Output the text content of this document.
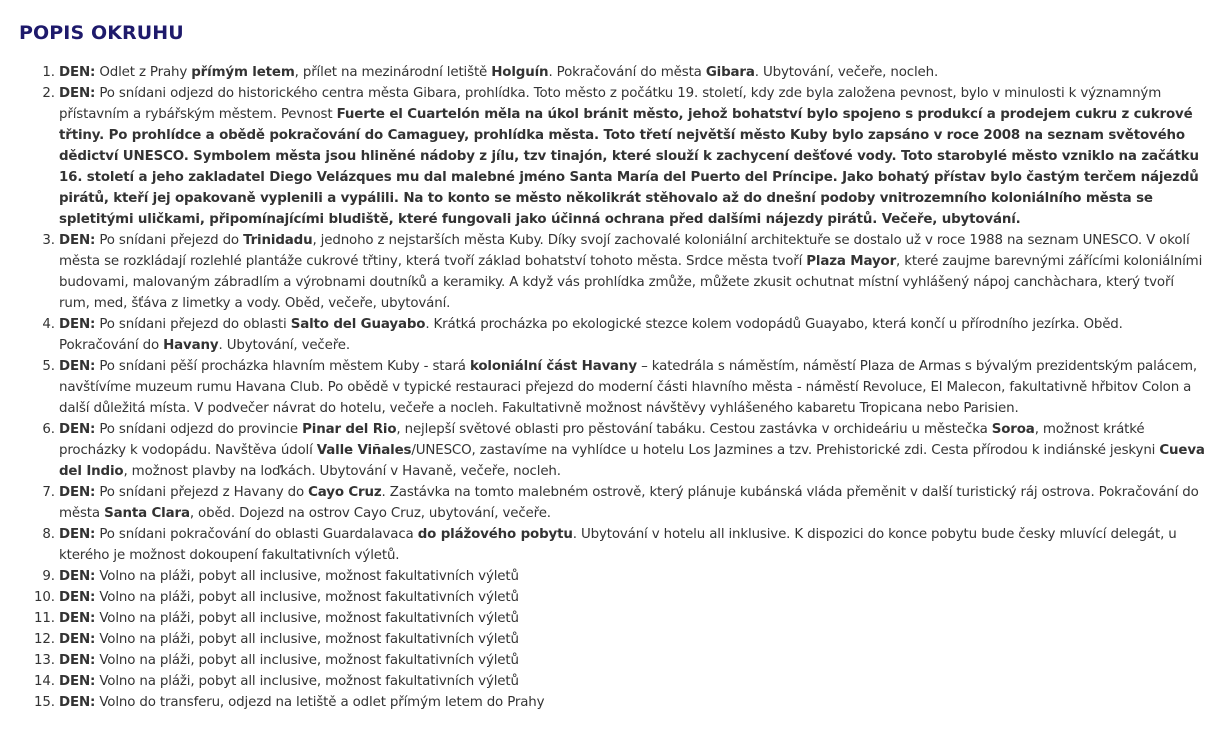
POPIS OKRUHU
1. DEN: Odlet z Prahy přímým letem, přílet na mezinárodní letiště Holguín. Pokračování do města Gibara. Ubytování, večeře, nocleh.
2. DEN: Po snídani odjezd do historického centra města Gibara, prohlídka. Toto město z počátku 19. století, kdy zde byla založena pevnost, bylo v minulosti k významným přístavním a rybářským městem. Pevnost Fuerte el Cuartelón měla na úkol bránit město, jehož bohatství bylo spojeno s produkcí a prodejem cukru z cukrové třtiny. Po prohlídce a obědě pokračování do Camaguey, prohlídka města. Toto třetí největší město Kuby bylo zapsáno v roce 2008 na seznam světového dědictví UNESCO. Symbolem města jsou hliněné nádoby z jílu, tzv tinajón, které slouží k zachycení dešťové vody. Toto starobylé město vzniklo na začátku 16. století a jeho zakladatel Diego Velázques mu dal malebné jméno Santa María del Puerto del Príncipe. Jako bohatý přístav bylo častým terčem nájezdů pirátů, kteří jej opakovaně vyplenili a vypálili. Na to konto se město několikrát stěhovalo až do dnešní podoby vnitrozemního koloniálního města se spletitými uličkami, připomínajícími bludiště, které fungovali jako účinná ochrana před dalšími nájezdy pirátů. Večeře, ubytování.
3. DEN: Po snídani přejezd do Trinidadu, jednoho z nejstarších města Kuby. Díky svojí zachovalé koloniální architektuře se dostalo už v roce 1988 na seznam UNESCO. V okolí města se rozkládají rozlehlé plantáže cukrové třtiny, která tvoří základ bohatství tohoto města. Srdce města tvoří Plaza Mayor, které zaujme barevnými zářícími koloniálními budovami, malovaným zábradlím a výrobnami doutníků a keramiky. A když vás prohlídka zmůže, můžete zkusit ochutnat místní vyhlášený nápoj canchàchara, který tvoří rum, med, šťáva z limetky a vody. Oběd, večeře, ubytování.
4. DEN: Po snídani přejezd do oblasti Salto del Guayabo. Krátká procházka po ekologické stezce kolem vodopádů Guayabo, která končí u přírodního jezírka. Oběd. Pokračování do Havany. Ubytování, večeře.
5. DEN: Po snídani pěší procházka hlavním městem Kuby - stará koloniální část Havany – katedrála s náměstím, náměstí Plaza de Armas s bývalým prezidentským palácem, navštívíme muzeum rumu Havana Club. Po obědě v typické restauraci přejezd do moderní části hlavního města - náměstí Revoluce, El Malecon, fakultativně hřbitov Colon a další důležitá místa. V podvečer návrat do hotelu, večeře a nocleh. Fakultativně možnost návštěvy vyhlášeného kabaretu Tropicana nebo Parisien.
6. DEN: Po snídani odjezd do provincie Pinar del Rio, nejlepší světové oblasti pro pěstování tabáku. Cestou zastávka v orchideáriu u městečka Soroa, možnost krátké procházky k vodopádu. Navštěva údolí Valle Viñales/UNESCO, zastavíme na vyhlídce u hotelu Los Jazmines a tzv. Prehistorické zdi. Cesta přírodou k indiánské jeskyni Cueva del Indio, možnost plavby na loďkách. Ubytování v Havaně, večeře, nocleh.
7. DEN: Po snídani přejezd z Havany do Cayo Cruz. Zastávka na tomto malebném ostrově, který plánuje kubánská vláda přeměnit v další turistický ráj ostrova. Pokračování do města Santa Clara, oběd. Dojezd na ostrov Cayo Cruz, ubytování, večeře.
8. DEN: Po snídani pokračování do oblasti Guardalavaca do plážového pobytu. Ubytování v hotelu all inklusive. K dispozici do konce pobytu bude česky mluvící delegát, u kterého je možnost dokoupení fakultativních výletů.
9. DEN: Volno na pláži, pobyt all inclusive, možnost fakultativních výletů
10. DEN: Volno na pláži, pobyt all inclusive, možnost fakultativních výletů
11. DEN: Volno na pláži, pobyt all inclusive, možnost fakultativních výletů
12. DEN: Volno na pláži, pobyt all inclusive, možnost fakultativních výletů
13. DEN: Volno na pláži, pobyt all inclusive, možnost fakultativních výletů
14. DEN: Volno na pláži, pobyt all inclusive, možnost fakultativních výletů
15. DEN: Volno do transferu, odjezd na letiště a odlet přímým letem do Prahy
